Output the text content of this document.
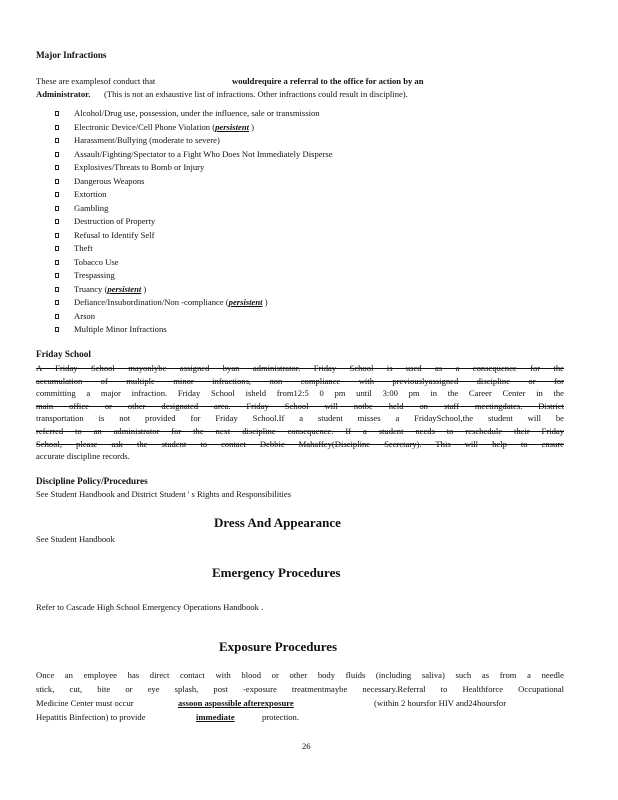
Major Infractions
These are examplesof conduct that	wouldrequire a referral to the office for action by an
Administrator. (This is not an exhaustive list of infractions. Other infractions could result in discipline).
Alcohol/Drug use, possession, under the influence, sale or transmission
Electronic Device/Cell Phone Violation (persistent )
Harassment/Bullying (moderate to severe)
Assault/Fighting/Spectator to a Fight Who Does Not Immediately Disperse
Explosives/Threats to Bomb or Injury
Dangerous Weapons
Extortion
Gambling
Destruction of Property
Refusal to Identify Self
Theft
Tobacco Use
Trespassing
Truancy (persistent )
Defiance/Insubordination/Non -compliance (persistent )
Arson
Multiple Minor Infractions
Friday School
A Friday School mayonlybe assigned byan administrator. Friday School is used as a consequence for the
accumulation of multiple minor infractions, non compliance with previouslyassigned discipline or for
committing a major infraction. Friday School isheld from12:5 0 pm until 3:00 pm in the Career Center in the
main office or other designated area. Friday School will notbe held on staff meetingdates. District
transportation is not provided for Friday School.If a student misses a FridaySchool,the student will be
referred to an administrator for the next discipline consequence. If a student needs to reschedule their Friday
School, please ask the student to contact Debbie Mahaffey(Discipline Secretary). This will help to ensure
accurate discipline records.
Discipline Policy/Procedures
See Student Handbook and District Student ' s Rights and Responsibilities
Dress And Appearance
See Student Handbook
Emergency Procedures
Refer to Cascade High School Emergency Operations Handbook .
Exposure Procedures
Once an employee has direct contact with blood or other body fluids (including saliva) such as from a needle
stick, cut, bite or eye splash, post -exposure treatmentmaybe necessary.Referral to Healthforce Occupational
Medicine Center must occur	assoon aspossible afterexposure	(within 2 hoursfor HIV and24hoursfor
Hepatitis Binfection) to provide	immediate	protection.
26
